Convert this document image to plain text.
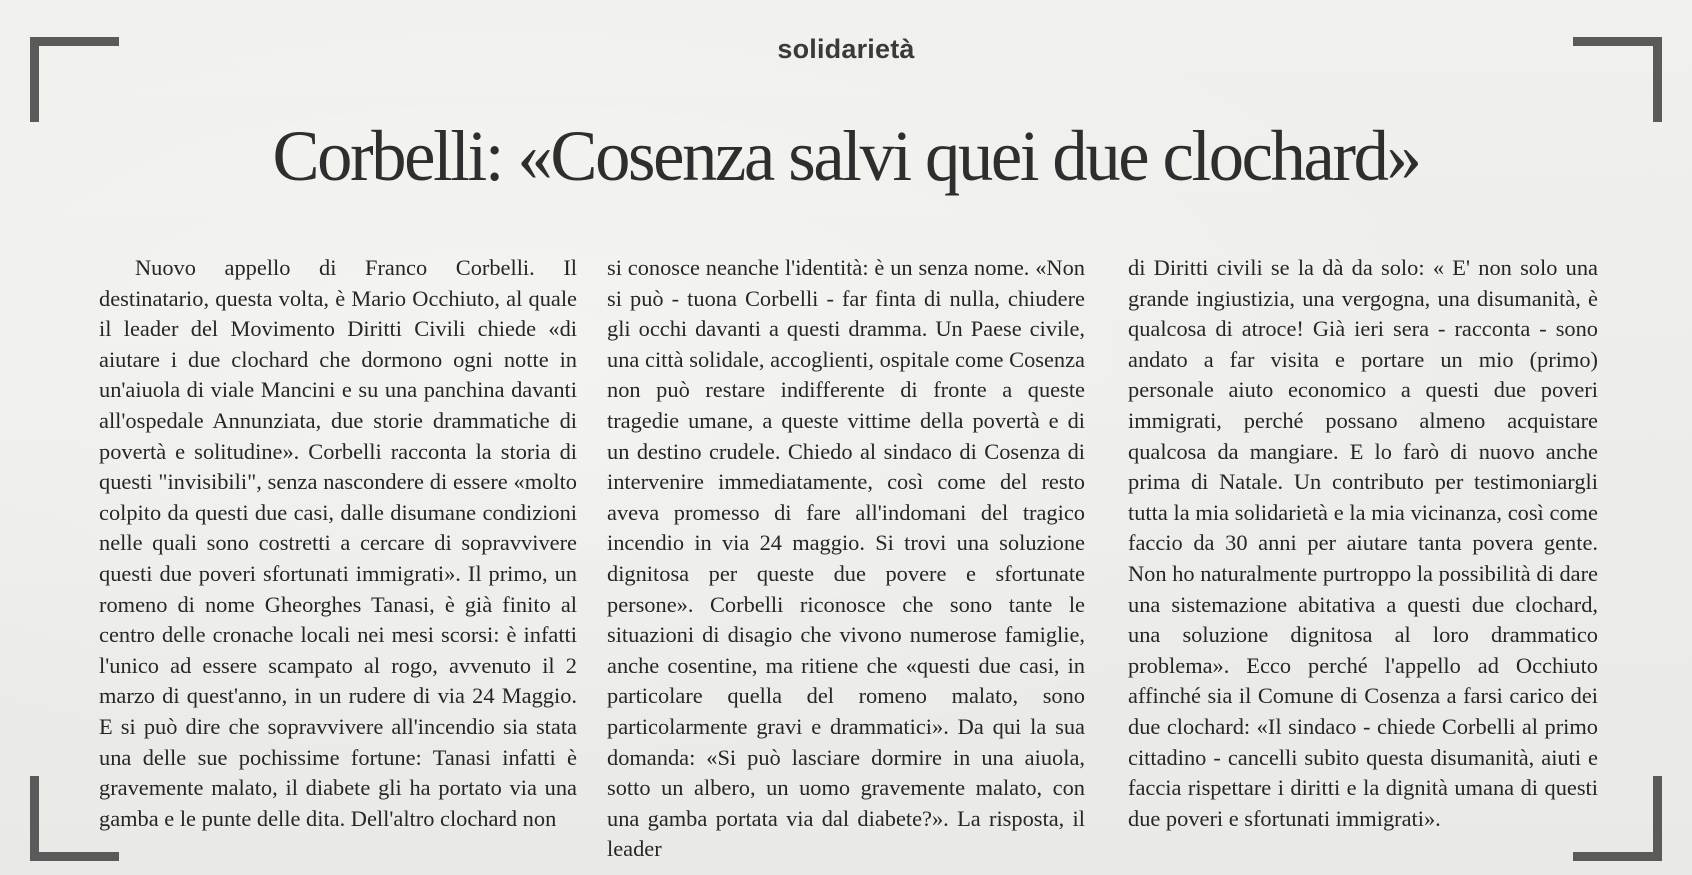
solidarietà
Corbelli: «Cosenza salvi quei due clochard»

Nuovo appello di Franco Corbelli. Il destinatario, questa volta, è Mario Occhiuto, al quale il leader del Movimento Diritti Civili chiede «di aiutare i due clochard che dormono ogni notte in un'aiuola di viale Mancini e su una panchina davanti all'ospedale Annunziata, due storie drammatiche di povertà e solitudine». Corbelli racconta la storia di questi "invisibili", senza nascondere di essere «molto colpito da questi due casi, dalle disumane condizioni nelle quali sono costretti a cercare di sopravvivere questi due poveri sfortunati immigrati». Il primo, un romeno di nome Gheorghes Tanasi, è già finito al centro delle cronache locali nei mesi scorsi: è infatti l'unico ad essere scampato al rogo, avvenuto il 2 marzo di quest'anno, in un rudere di via 24 Maggio. E si può dire che sopravvivere all'incendio sia stata una delle sue pochissime fortune: Tanasi infatti è gravemente malato, il diabete gli ha portato via una gamba e le punte delle dita. Dell'altro clochard non

si conosce neanche l'identità: è un senza nome. «Non si può - tuona Corbelli - far finta di nulla, chiudere gli occhi davanti a questi dramma. Un Paese civile, una città solidale, accoglienti, ospitale come Cosenza non può restare indifferente di fronte a queste tragedie umane, a queste vittime della povertà e di un destino crudele. Chiedo al sindaco di Cosenza di intervenire immediatamente, così come del resto aveva promesso di fare all'indomani del tragico incendio in via 24 maggio. Si trovi una soluzione dignitosa per queste due povere e sfortunate persone». Corbelli riconosce che sono tante le situazioni di disagio che vivono numerose famiglie, anche cosentine, ma ritiene che «questi due casi, in particolare quella del romeno malato, sono particolarmente gravi e drammatici». Da qui la sua domanda: «Si può lasciare dormire in una aiuola, sotto un albero, un uomo gravemente malato, con una gamba portata via dal diabete?». La risposta, il leader

di Diritti civili se la dà da solo: « E' non solo una grande ingiustizia, una vergogna, una disumanità, è qualcosa di atroce! Già ieri sera - racconta - sono andato a far visita e portare un mio (primo) personale aiuto economico a questi due poveri immigrati, perché possano almeno acquistare qualcosa da mangiare. E lo farò di nuovo anche prima di Natale. Un contributo per testimoniargli tutta la mia solidarietà e la mia vicinanza, così come faccio da 30 anni per aiutare tanta povera gente. Non ho naturalmente purtroppo la possibilità di dare una sistemazione abitativa a questi due clochard, una soluzione dignitosa al loro drammatico problema». Ecco perché l'appello ad Occhiuto affinché sia il Comune di Cosenza a farsi carico dei due clochard: «Il sindaco - chiede Corbelli al primo cittadino - cancelli subito questa disumanità, aiuti e faccia rispettare i diritti e la dignità umana di questi due poveri e sfortunati immigrati».
